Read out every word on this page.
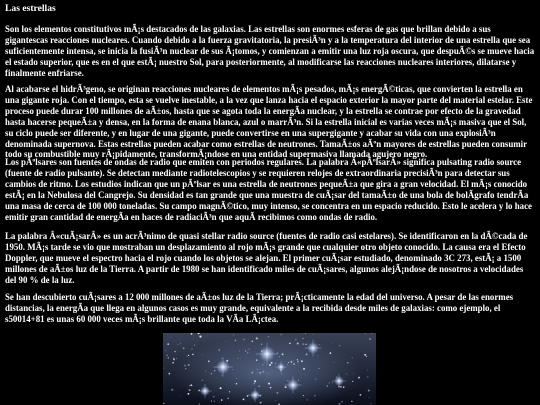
Las estrellas

Son los elementos constitutivos mÃ¡s destacados de las galaxias. Las estrellas son enormes esferas de gas que brillan debido a sus gigantescas reacciones nucleares. Cuando debido a la fuerza gravitatoria, la presiÃ³n y a la temperatura del interior de una estrella que sea suficientemente intensa, se inicia la fusiÃ³n nuclear de sus Ã¡tomos, y comienzan a emitir una luz roja oscura, que despuÃ©s se mueve hacia el estado superior, que es en el que estÃ¡ nuestro Sol, para posteriormente, al modificarse las reacciones nucleares interiores, dilatarse y finalmente enfriarse.

Al acabarse el hidrÃ³geno, se originan reacciones nucleares de elementos mÃ¡s pesados, mÃ¡s energÃ©ticas, que convierten la estrella en una gigante roja. Con el tiempo, esta se vuelve inestable, a la vez que lanza hacia el espacio exterior la mayor parte del material estelar. Este proceso puede durar 100 millones de aÃ±os, hasta que se agota toda la energÃa nuclear, y la estrella se contrae por efecto de la gravedad hasta hacerse pequeÃ±a y densa, en la forma de enana blanca, azul o marrÃ³n. Si la estrella inicial es varias veces mÃ¡s masiva que el Sol, su ciclo puede ser diferente, y en lugar de una gigante, puede convertirse en una supergigante y acabar su vida con una explosiÃ³n denominada supernova. Estas estrellas pueden acabar como estrellas de neutrones. TamaÃ±os aÃºn mayores de estrellas pueden consumir todo su combustible muy rÃ¡pidamente, transformÃ¡ndose en una entidad supermasiva llamada agujero negro.

Los pÃºlsares son fuentes de ondas de radio que emiten con periodos regulares. La palabra Â«pÃºlsarÂ» significa pulsating radio source (fuente de radio pulsante). Se detectan mediante radiotelescopios y se requieren relojes de extraordinaria precisiÃ³n para detectar sus cambios de ritmo. Los estudios indican que un pÃºlsar es una estrella de neutrones pequeÃ±a que gira a gran velocidad. El mÃ¡s conocido estÃ¡ en la Nebulosa del Cangrejo. Su densidad es tan grande que una muestra de cuÃ¡sar del tamaÃ±o de una bola de bolÃgrafo tendrÃa una masa de cerca de 100 000 toneladas. Su campo magnÃ©tico, muy intenso, se concentra en un espacio reducido. Esto le acelera y lo hace emitir gran cantidad de energÃa en haces de radiaciÃ³n que aquÃ recibimos como ondas de radio.

La palabra Â«cuÃ¡sarÂ» es un acrÃ³nimo de quasi stellar radio source (fuentes de radio casi estelares). Se identificaron en la dÃ©cada de 1950. MÃ¡s tarde se vio que mostraban un desplazamiento al rojo mÃ¡s grande que cualquier otro objeto conocido. La causa era el Efecto Doppler, que mueve el espectro hacia el rojo cuando los objetos se alejan. El primer cuÃ¡sar estudiado, denominado 3C 273, estÃ¡ a 1500 millones de aÃ±os luz de la Tierra. A partir de 1980 se han identificado miles de cuÃ¡sares, algunos alejÃ¡ndose de nosotros a velocidades del 90 % de la luz.

Se han descubierto cuÃ¡sares a 12 000 millones de aÃ±os luz de la Tierra; prÃ¡cticamente la edad del universo. A pesar de las enormes distancias, la energÃa que llega en algunos casos es muy grande, equivalente a la recibida desde miles de galaxias: como ejemplo, el s50014+81 es unas 60 000 veces mÃ¡s brillante que toda la VÃa LÃ¡ctea.
